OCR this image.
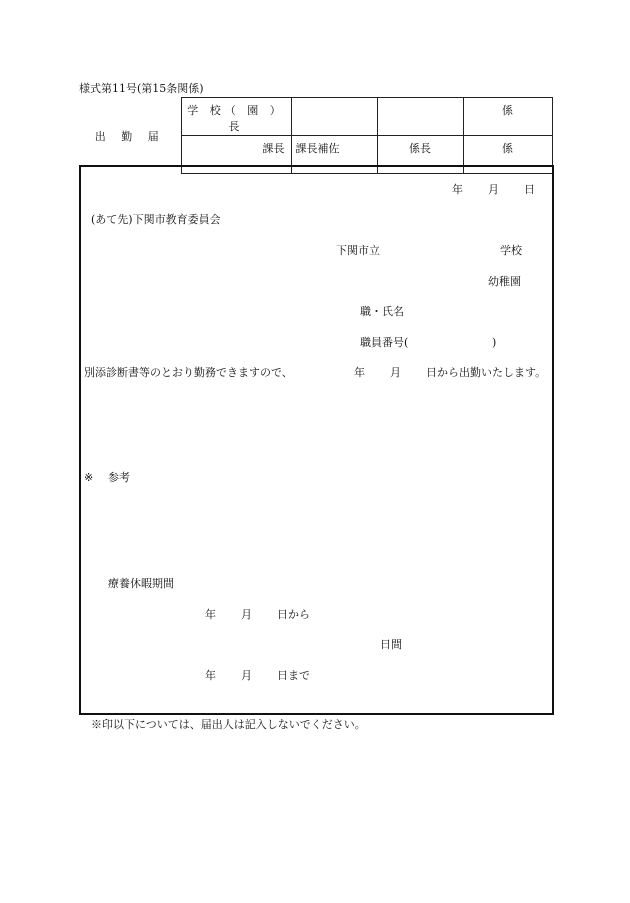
様式第11号(第15条関係)
出 勤 届	学 校（ 園 ）長			係
	課長	課長補佐	係長	係
年 月 日
(あて先)下関市教育委員会
下関市立	学校
幼稚園
職・氏名
職員番号(	)
別添診断書等のとおり勤務できますので、	年 月 日から出勤いたします。
※ 参考
療養休暇期間
年 月 日から
日間
年 月 日まで
※印以下については、届出人は記入しないでください。
